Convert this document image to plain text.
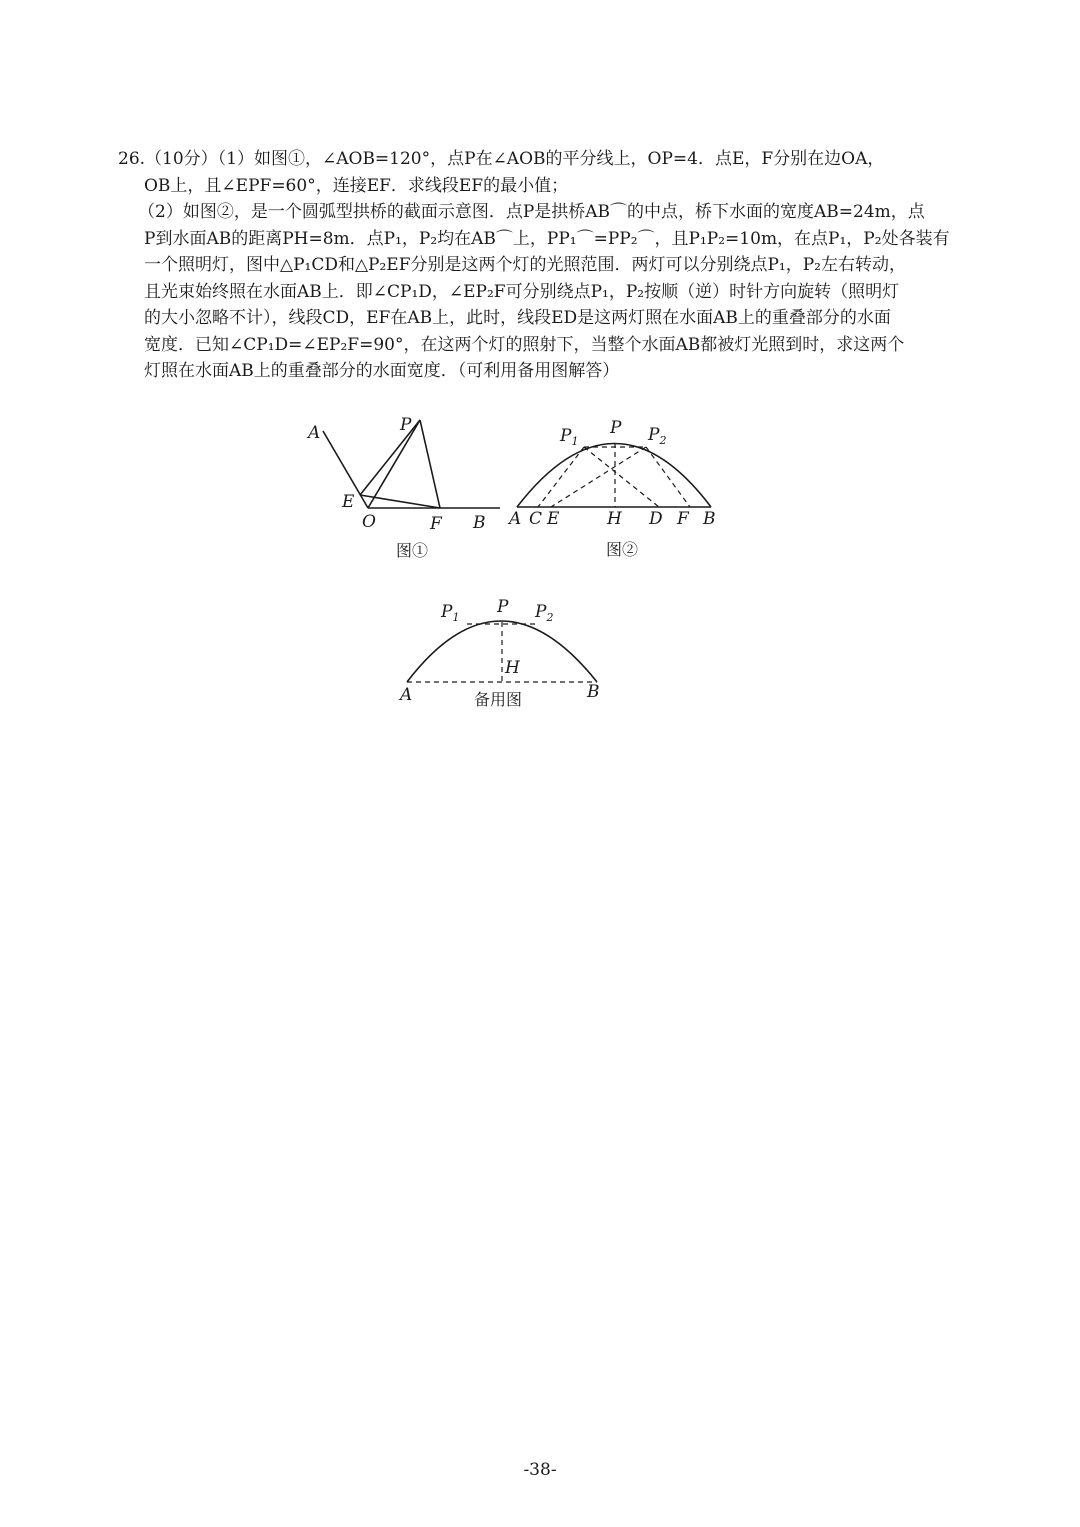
26.（10分）（1）如图①，∠AOB=120°，点P在∠AOB的平分线上，OP=4．点E，F分别在边OA，
OB上，且∠EPF=60°，连接EF．求线段EF的最小值；
（2）如图②，是一个圆弧型拱桥的截面示意图．点P是拱桥AB⌒的中点，桥下水面的宽度AB=24m，点
P到水面AB的距离PH=8m．点P₁，P₂均在AB⌒上，PP₁⌒=PP₂⌒，且P₁P₂=10m，在点P₁，P₂处各装有
一个照明灯，图中△P₁CD和△P₂EF分别是这两个灯的光照范围．两灯可以分别绕点P₁，P₂左右转动，
且光束始终照在水面AB上．即∠CP₁D，∠EP₂F可分别绕点P₁，P₂按顺（逆）时针方向旋转（照明灯
的大小忽略不计），线段CD，EF在AB上，此时，线段ED是这两灯照在水面AB上的重叠部分的水面
宽度．已知∠CP₁D=∠EP₂F=90°，在这两个灯的照射下，当整个水面AB都被灯光照到时，求这两个
灯照在水面AB上的重叠部分的水面宽度．（可利用备用图解答）
A	P
E
O	F B
图①
$P_1$
P $P_2$
A C E	H D F B
图②
$P_1$
P $P_2$
H
A	B
备用图
-38-
